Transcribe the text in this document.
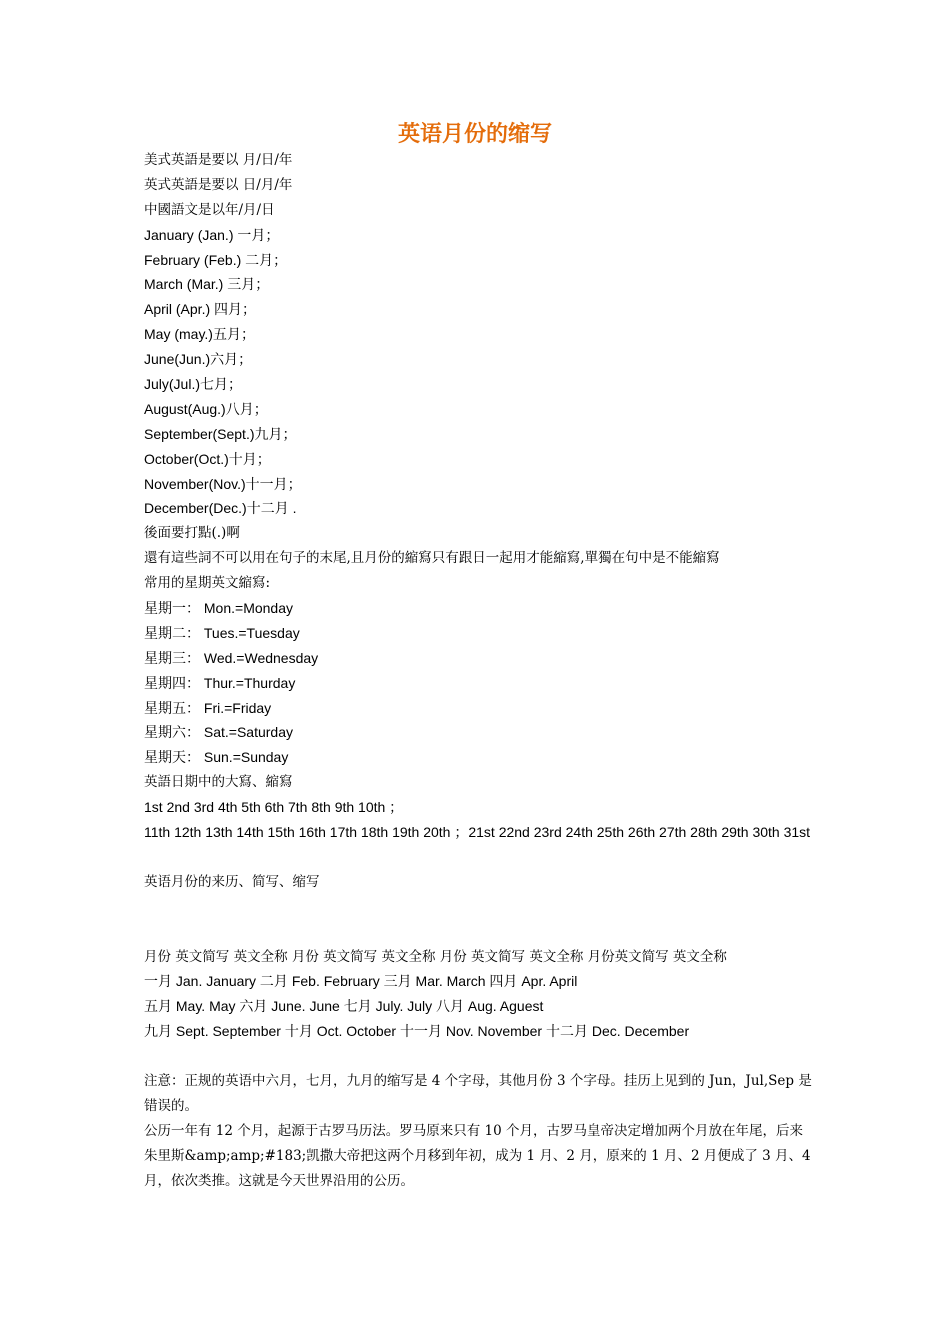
英语月份的缩写
美式英語是要以 月/日/年
英式英語是要以 日/月/年
中國語文是以年/月/日
January (Jan.) 一月；
February (Feb.) 二月；
March (Mar.) 三月；
April (Apr.) 四月；
May (may.)五月；
June(Jun.)六月；
July(Jul.)七月；
August(Aug.)八月；
September(Sept.)九月；
October(Oct.)十月；
November(Nov.)十一月；
December(Dec.)十二月 .
後面要打點(.)啊
還有這些詞不可以用在句子的末尾,且月份的縮寫只有跟日一起用才能縮寫,單獨在句中是不能縮寫
常用的星期英文縮寫:
星期一： Mon.=Monday
星期二： Tues.=Tuesday
星期三： Wed.=Wednesday
星期四： Thur.=Thurday
星期五： Fri.=Friday
星期六： Sat.=Saturday
星期天： Sun.=Sunday
英語日期中的大寫、縮寫
1st 2nd 3rd 4th 5th 6th 7th 8th 9th 10th ；
11th 12th 13th 14th 15th 16th 17th 18th 19th 20th ；21st 22nd 23rd 24th 25th 26th 27th 28th 29th 30th 31st
英语月份的来历、简写、缩写
月份 英文简写 英文全称 月份 英文简写 英文全称 月份 英文简写 英文全称 月份英文简写 英文全称
一月 Jan. January 二月 Feb. February 三月 Mar. March 四月 Apr. April
五月 May. May 六月 June. June 七月 July. July 八月 Aug. Aguest
九月 Sept. September 十月 Oct. October 十一月 Nov. November 十二月 Dec. December
注意：正规的英语中六月，七月，九月的缩写是 4 个字母，其他月份 3 个字母。挂历上见到的 Jun，Jul,Sep 是错误的。
公历一年有 12 个月，起源于古罗马历法。罗马原来只有 10 个月，古罗马皇帝决定增加两个月放在年尾，后来朱里斯&amp;amp;#183;凯撒大帝把这两个月移到年初，成为 1 月、2 月，原来的 1 月、2 月便成了 3 月、4 月，依次类推。这就是今天世界沿用的公历。
